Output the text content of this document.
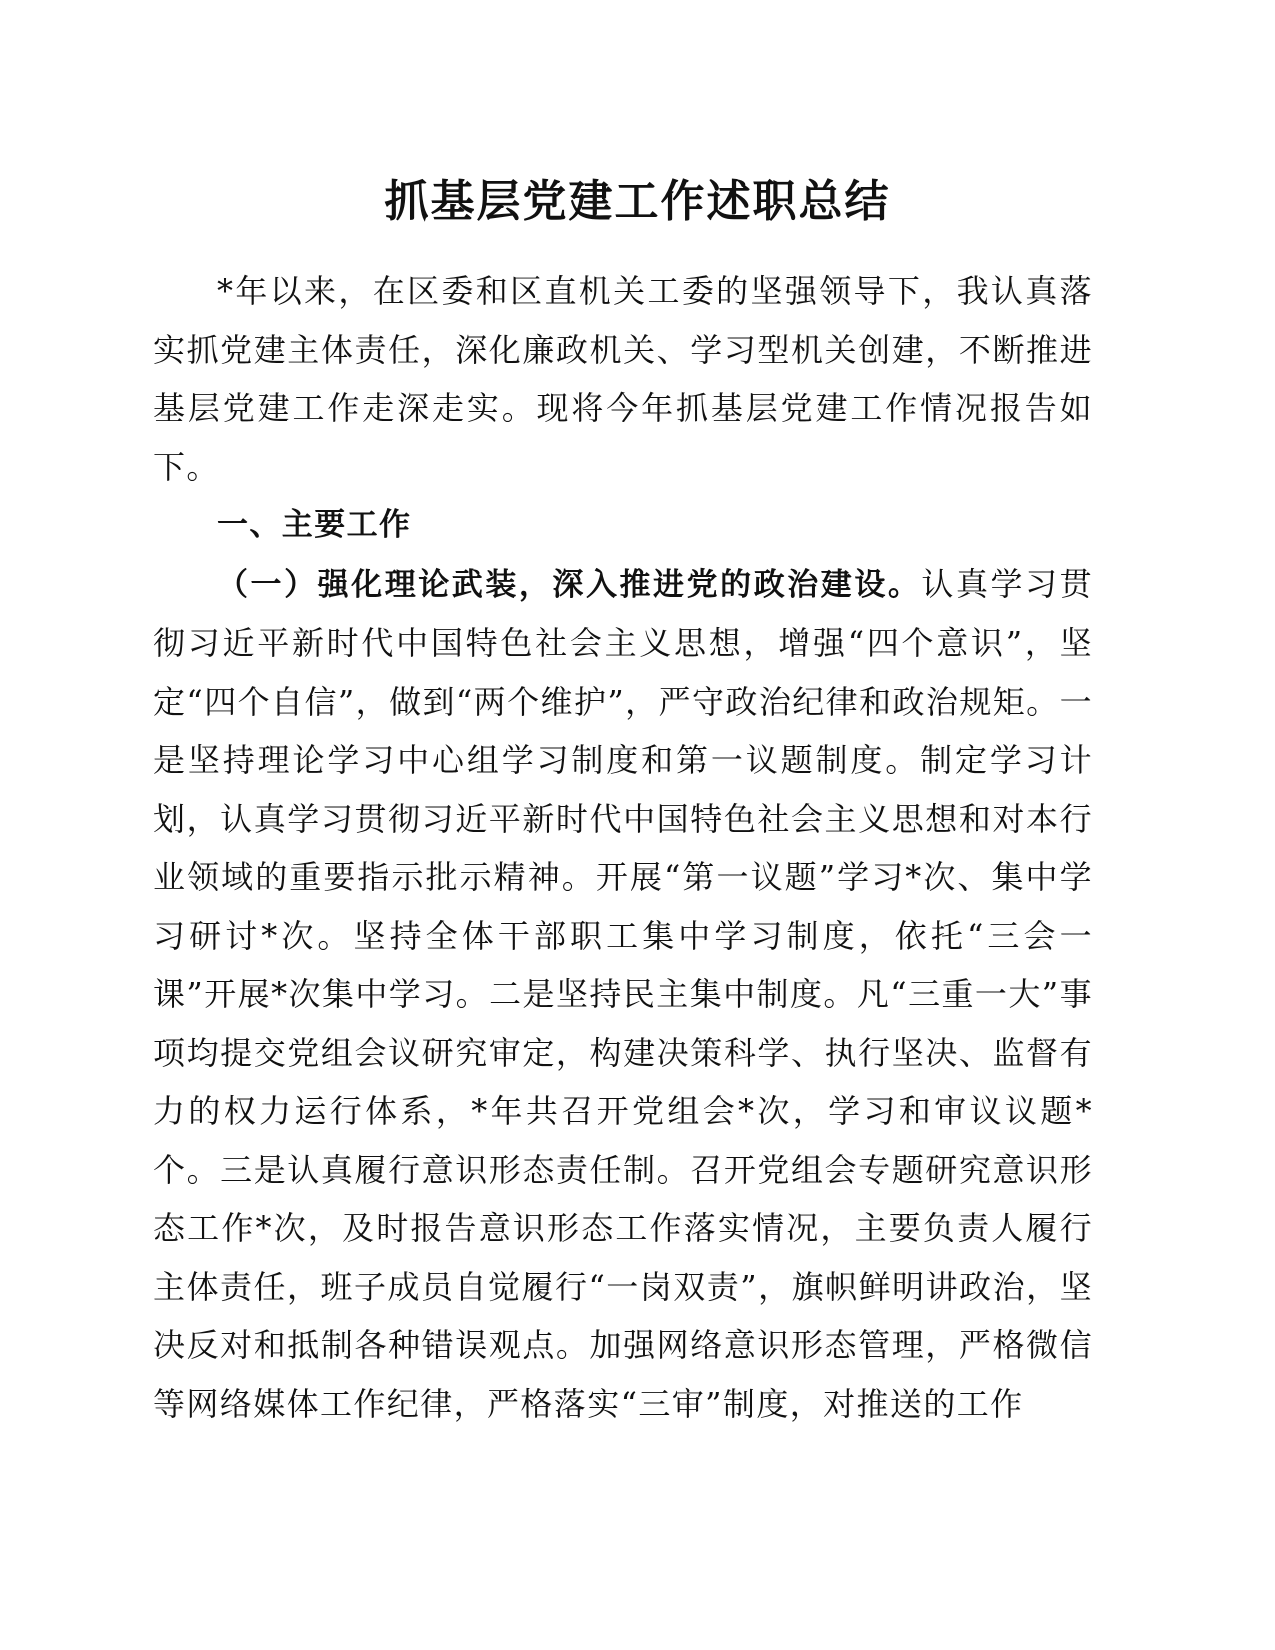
抓基层党建工作述职总结

*年以来，在区委和区直机关工委的坚强领导下，我认真落实抓党建主体责任，深化廉政机关、学习型机关创建，不断推进基层党建工作走深走实。现将今年抓基层党建工作情况报告如下。

一、主要工作

（一）强化理论武装，深入推进党的政治建设。认真学习贯彻习近平新时代中国特色社会主义思想，增强“四个意识”，坚定“四个自信”，做到“两个维护”，严守政治纪律和政治规矩。一是坚持理论学习中心组学习制度和第一议题制度。制定学习计划，认真学习贯彻习近平新时代中国特色社会主义思想和对本行业领域的重要指示批示精神。开展“第一议题”学习*次、集中学习研讨*次。坚持全体干部职工集中学习制度，依托“三会一课”开展*次集中学习。二是坚持民主集中制度。凡“三重一大”事项均提交党组会议研究审定，构建决策科学、执行坚决、监督有力的权力运行体系，*年共召开党组会*次，学习和审议议题*个。三是认真履行意识形态责任制。召开党组会专题研究意识形态工作*次，及时报告意识形态工作落实情况，主要负责人履行主体责任，班子成员自觉履行“一岗双责”，旗帜鲜明讲政治，坚决反对和抵制各种错误观点。加强网络意识形态管理，严格微信等网络媒体工作纪律，严格落实“三审”制度，对推送的工作
